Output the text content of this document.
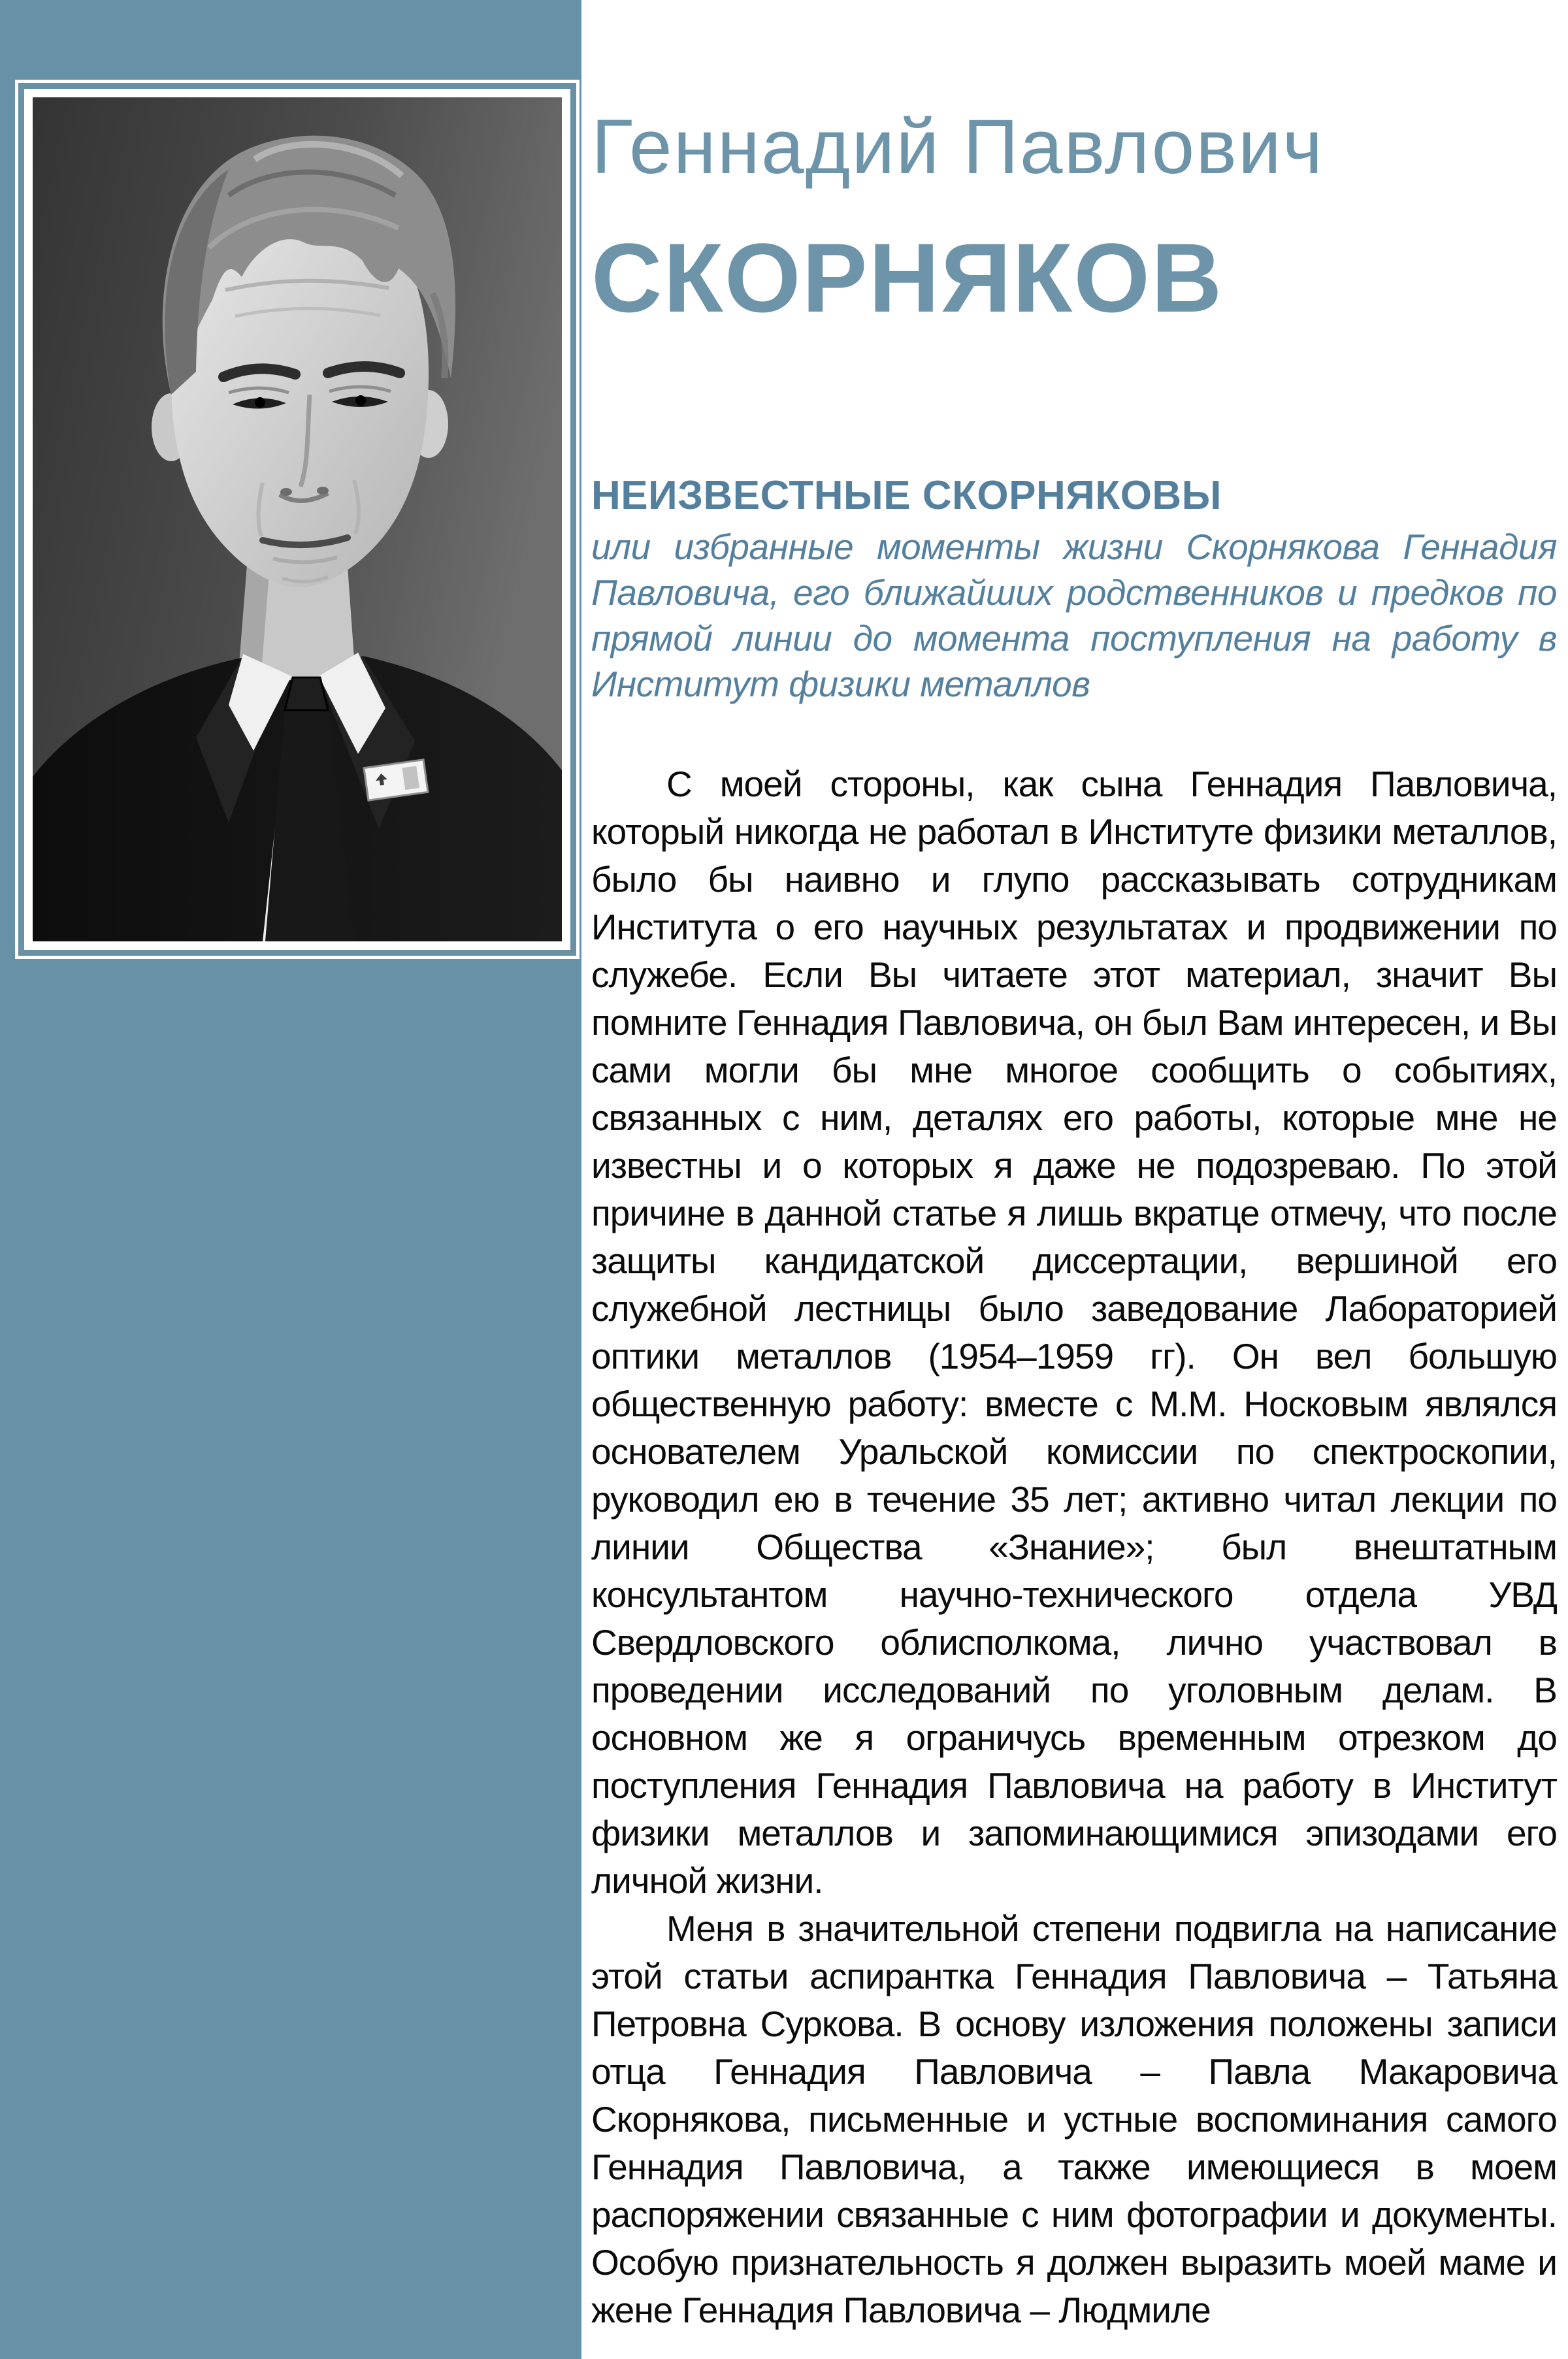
Геннадий Павлович
СКОРНЯКОВ
НЕИЗВЕСТНЫЕ СКОРНЯКОВЫ

или избранные моменты жизни Скорнякова Геннадия Павловича, его ближайших родственников и предков по прямой линии до момента поступления на работу в Институт физики металлов

С моей стороны, как сына Геннадия Павловича, который никогда не работал в Институте физики металлов, было бы наивно и глупо рассказывать сотрудникам Института о его научных результатах и продвижении по служебе. Если Вы читаете этот материал, значит Вы помните Геннадия Павловича, он был Вам интересен, и Вы сами могли бы мне многое сообщить о событиях, связанных с ним, деталях его работы, которые мне не известны и о которых я даже не подозреваю. По этой причине в данной статье я лишь вкратце отмечу, что после защиты кандидатской диссертации, вершиной его служебной лестницы было заведование Лабораторией оптики металлов (1954–1959 гг). Он вел большую общественную работу: вместе с М.М. Носковым являлся основателем Уральской комиссии по спектроскопии, руководил ею в течение 35 лет; активно читал лекции по линии Общества «Знание»; был внештатным консультантом научно-технического отдела УВД Свердловского облисполкома, лично участвовал в проведении исследований по уголовным делам. В основном же я ограничусь временным отрезком до поступления Геннадия Павловича на работу в Институт физики металлов и запоминающимися эпизодами его личной жизни.

Меня в значительной степени подвигла на написание этой статьи аспирантка Геннадия Павловича – Татьяна Петровна Суркова. В основу изложения положены записи отца Геннадия Павловича – Павла Макаровича Скорнякова, письменные и устные воспоминания самого Геннадия Павловича, а также имеющиеся в моем распоряжении связанные с ним фотографии и документы. Особую признательность я должен выразить моей маме и жене Геннадия Павловича – Людмиле
